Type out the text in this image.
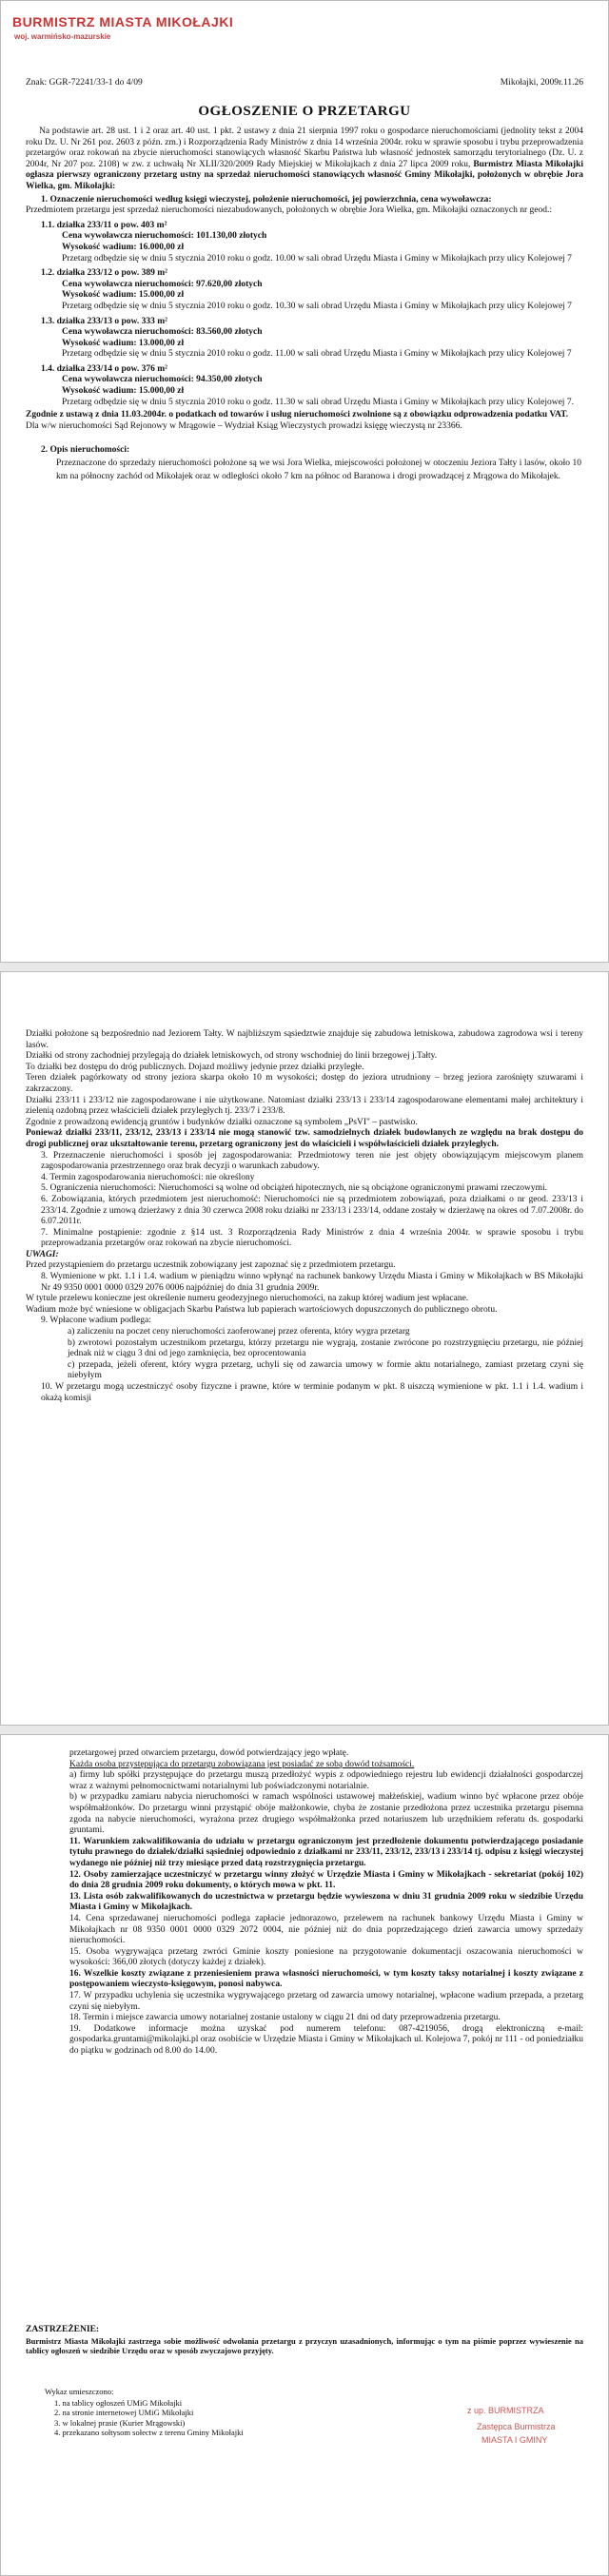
BURMISTRZ MIASTA MIKOŁAJKI
woj. warmińsko-mazurskie
Znak: GGR-72241/33-1 do 4/09	Mikołajki, 2009r.11.26
OGŁOSZENIE O PRZETARGU

Na podstawie art. 28 ust. 1 i 2 oraz art. 40 ust. 1 pkt. 2 ustawy z dnia 21 sierpnia 1997 roku o gospodarce nieruchomościami (jednolity tekst z 2004 roku Dz. U. Nr 261 poz. 2603 z późn. zm.) i Rozporządzenia Rady Ministrów z dnia 14 września 2004r. roku w sprawie sposobu i trybu przeprowadzenia przetargów oraz rokowań na zbycie nieruchomości stanowiących własność Skarbu Państwa lub własność jednostek samorządu terytorialnego (Dz. U. z 2004r, Nr 207 poz. 2108) w zw. z uchwałą Nr XLII/320/2009 Rady Miejskiej w Mikołajkach z dnia 27 lipca 2009 roku, Burmistrz Miasta Mikołajki ogłasza pierwszy ograniczony przetarg ustny na sprzedaż nieruchomości stanowiących własność Gminy Mikołajki, położonych w obrębie Jora Wielka, gm. Mikołajki:

1. Oznaczenie nieruchomości według księgi wieczystej, położenie nieruchomości, jej powierzchnia, cena wywoławcza:

Przedmiotem przetargu jest sprzedaż nieruchomości niezabudowanych, położonych w obrębie Jora Wielka, gm. Mikołajki oznaczonych nr geod.:

1.1. działka 233/11 o pow. 403 m²

Cena wywoławcza nieruchomości: 101.130,00 złotych

Wysokość wadium: 16.000,00 zł

Przetarg odbędzie się w dniu 5 stycznia 2010 roku o godz. 10.00 w sali obrad Urzędu Miasta i Gminy w Mikołajkach przy ulicy Kolejowej 7

1.2. działka 233/12 o pow. 389 m²

Cena wywoławcza nieruchomości: 97.620,00 złotych

Wysokość wadium: 15.000,00 zł

Przetarg odbędzie się w dniu 5 stycznia 2010 roku o godz. 10.30 w sali obrad Urzędu Miasta i Gminy w Mikołajkach przy ulicy Kolejowej 7

1.3. działka 233/13 o pow. 333 m²

Cena wywoławcza nieruchomości: 83.560,00 złotych

Wysokość wadium: 13.000,00 zł

Przetarg odbędzie się w dniu 5 stycznia 2010 roku o godz. 11.00 w sali obrad Urzędu Miasta i Gminy w Mikołajkach przy ulicy Kolejowej 7

1.4. działka 233/14 o pow. 376 m²

Cena wywoławcza nieruchomości: 94.350,00 złotych

Wysokość wadium: 15.000,00 zł

Przetarg odbędzie się w dniu 5 stycznia 2010 roku o godz. 11.30 w sali obrad Urzędu Miasta i Gminy w Mikołajkach przy ulicy Kolejowej 7.

Zgodnie z ustawą z dnia 11.03.2004r. o podatkach od towarów i usług nieruchomości zwolnione są z obowiązku odprowadzenia podatku VAT.

Dla w/w nieruchomości Sąd Rejonowy w Mrągowie – Wydział Ksiąg Wieczystych prowadzi księgę wieczystą nr 23366.

2. Opis nieruchomości:

Przeznaczone do sprzedaży nieruchomości położone są we wsi Jora Wielka, miejscowości położonej w otoczeniu Jeziora Tałty i lasów, około 10 km na północny zachód od Mikołajek oraz w odległości około 7 km na północ od Baranowa i drogi prowadzącej z Mrągowa do Mikołajek.

Działki położone są bezpośrednio nad Jeziorem Tałty. W najbliższym sąsiedztwie znajduje się zabudowa letniskowa, zabudowa zagrodowa wsi i tereny lasów.

Działki od strony zachodniej przylegają do działek letniskowych, od strony wschodniej do linii brzegowej j.Tałty.

To działki bez dostępu do dróg publicznych. Dojazd możliwy jedynie przez działki przyległe.

Teren działek pagórkowaty od strony jeziora skarpa około 10 m wysokości; dostęp do jeziora utrudniony – brzeg jeziora zarośnięty szuwarami i zakrzaczony.

Działki 233/11 i 233/12 nie zagospodarowane i nie użytkowane. Natomiast działki 233/13 i 233/14 zagospodarowane elementami małej architektury i zielenią ozdobną przez właścicieli działek przyległych tj. 233/7 i 233/8.

Zgodnie z prowadzoną ewidencją gruntów i budynków działki oznaczone są symbolem „PsVI" – pastwisko.

Ponieważ działki 233/11, 233/12, 233/13 i 233/14 nie mogą stanowić tzw. samodzielnych działek budowlanych ze względu na brak dostępu do drogi publicznej oraz ukształtowanie terenu, przetarg ograniczony jest do właścicieli i współwłaścicieli działek przyległych.

3. Przeznaczenie nieruchomości i sposób jej zagospodarowania: Przedmiotowy teren nie jest objęty obowiązującym miejscowym planem zagospodarowania przestrzennego oraz brak decyzji o warunkach zabudowy.

4. Termin zagospodarowania nieruchomości: nie określony

5. Ograniczenia nieruchomości: Nieruchomości są wolne od obciążeń hipotecznych, nie są obciążone ograniczonymi prawami rzeczowymi.

6. Zobowiązania, których przedmiotem jest nieruchomość: Nieruchomości nie są przedmiotem zobowiązań, poza działkami o nr geod. 233/13 i 233/14. Zgodnie z umową dzierżawy z dnia 30 czerwca 2008 roku działki nr 233/13 i 233/14, oddane zostały w dzierżawę na okres od 7.07.2008r. do 6.07.2011r.

7. Minimalne postąpienie: zgodnie z §14 ust. 3 Rozporządzenia Rady Ministrów z dnia 4 września 2004r. w sprawie sposobu i trybu przeprowadzania przetargów oraz rokowań na zbycie nieruchomości.

UWAGI:

Przed przystąpieniem do przetargu uczestnik zobowiązany jest zapoznać się z przedmiotem przetargu.

8. Wymienione w pkt. 1.1 i 1.4. wadium w pieniądzu winno wpłynąć na rachunek bankowy Urzędu Miasta i Gminy w Mikołajkach w BS Mikołajki Nr 49 9350 0001 0000 0329 2076 0006 najpóźniej do dnia 31 grudnia 2009r.

W tytule przelewu konieczne jest określenie numeru geodezyjnego nieruchomości, na zakup której wadium jest wpłacane.

Wadium może być wniesione w obligacjach Skarbu Państwa lub papierach wartościowych dopuszczonych do publicznego obrotu.

9. Wpłacone wadium podlega:

a) zaliczeniu na poczet ceny nieruchomości zaoferowanej przez oferenta, który wygra przetarg

b) zwrotowi pozostałym uczestnikom przetargu, którzy przetargu nie wygrają, zostanie zwrócone po rozstrzygnięciu przetargu, nie później jednak niż w ciągu 3 dni od jego zamknięcia, bez oprocentowania

c) przepada, jeżeli oferent, który wygra przetarg, uchyli się od zawarcia umowy w formie aktu notarialnego, zamiast przetarg czyni się niebyłym

10. W przetargu mogą uczestniczyć osoby fizyczne i prawne, które w terminie podanym w pkt. 8 uiszczą wymienione w pkt. 1.1 i 1.4. wadium i okażą komisji

przetargowej przed otwarciem przetargu, dowód potwierdzający jego wpłatę.

Każda osoba przystępująca do przetargu zobowiązana jest posiadać ze sobą dowód tożsamości.

a) firmy lub spółki przystępujące do przetargu muszą przedłożyć wypis z odpowiedniego rejestru lub ewidencji działalności gospodarczej wraz z ważnymi pełnomocnictwami notarialnymi lub poświadczonymi notarialnie.

b) w przypadku zamiaru nabycia nieruchomości w ramach wspólności ustawowej małżeńskiej, wadium winno być wpłacone przez obóje współmałżonków. Do przetargu winni przystąpić obóje małżonkowie, chyba że zostanie przedłożona przez uczestnika przetargu pisemna zgoda na nabycie nieruchomości, wyrażona przez drugiego współmałżonka przed notariuszem lub urzędnikiem referatu ds. gospodarki gruntami.

11. Warunkiem zakwalifikowania do udziału w przetargu ograniczonym jest przedłożenie dokumentu potwierdzającego posiadanie tytułu prawnego do działek/działki sąsiedniej odpowiednio z działkami nr 233/11, 233/12, 233/13 i 233/14 tj. odpisu z księgi wieczystej wydanego nie później niż trzy miesiące przed datą rozstrzygnięcia przetargu.

12. Osoby zamierzające uczestniczyć w przetargu winny złożyć w Urzędzie Miasta i Gminy w Mikołajkach - sekretariat (pokój 102) do dnia 28 grudnia 2009 roku dokumenty, o których mowa w pkt. 11.

13. Lista osób zakwalifikowanych do uczestnictwa w przetargu będzie wywieszona w dniu 31 grudnia 2009 roku w siedzibie Urzędu Miasta i Gminy w Mikołajkach.

14. Cena sprzedawanej nieruchomości podlega zapłacie jednorazowo, przelewem na rachunek bankowy Urzędu Miasta i Gminy w Mikołajkach nr 08 9350 0001 0000 0329 2072 0004, nie później niż do dnia poprzedzającego dzień zawarcia umowy sprzedaży nieruchomości.

15. Osoba wygrywająca przetarg zwróci Gminie koszty poniesione na przygotowanie dokumentacji oszacowania nieruchomości w wysokości: 366,00 złotych (dotyczy każdej z działek).

16. Wszelkie koszty związane z przeniesieniem prawa własności nieruchomości, w tym koszty taksy notarialnej i koszty związane z postępowaniem wieczysto-księgowym, ponosi nabywca.

17. W przypadku uchylenia się uczestnika wygrywającego przetarg od zawarcia umowy notarialnej, wpłacone wadium przepada, a przetarg czyni się niebyłym.

18. Termin i miejsce zawarcia umowy notarialnej zostanie ustalony w ciągu 21 dni od daty przeprowadzenia przetargu.

19. Dodatkowe informacje można uzyskać pod numerem telefonu: 087-4219056, drogą elektroniczną e-mail: gospodarka.gruntami@mikolajki.pl oraz osobiście w Urzędzie Miasta i Gminy w Mikołajkach ul. Kolejowa 7, pokój nr 111 - od poniedziałku do piątku w godzinach od 8.00 do 14.00.

ZASTRZEŻENIE:

Burmistrz Miasta Mikołajki zastrzega sobie możliwość odwołania przetargu z przyczyn uzasadnionych, informując o tym na piśmie poprzez wywieszenie na tablicy ogłoszeń w siedzibie Urzędu oraz w sposób zwyczajowo przyjęty.

Wykaz umieszczono:

1. na tablicy ogłoszeń UMiG Mikołajki

2. na stronie internetowej UMiG Mikołajki

3. w lokalnej prasie (Kurier Mrągowski)

4. przekazano sołtysom sołectw z terenu Gminy Mikołajki

z up. BURMISTRZA
Zastępca Burmistrza
MIASTA I GMINY
